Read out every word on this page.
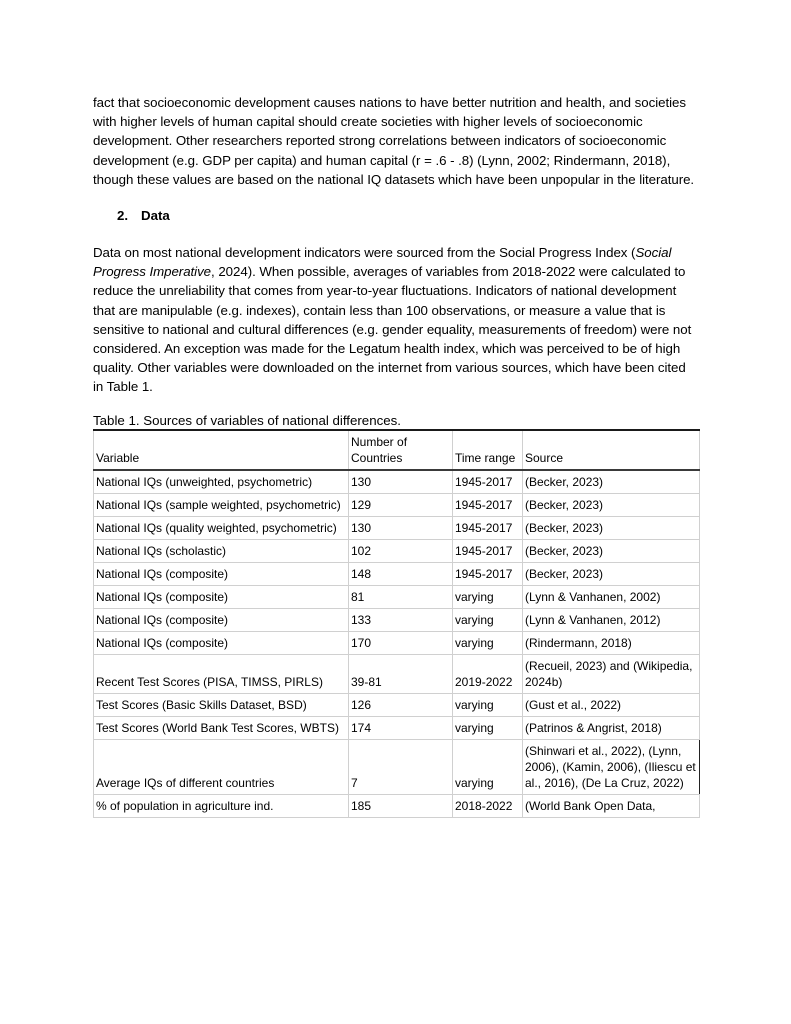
fact that socioeconomic development causes nations to have better nutrition and health, and societies with higher levels of human capital should create societies with higher levels of socioeconomic development. Other researchers reported strong correlations between indicators of socioeconomic development (e.g. GDP per capita) and human capital (r = .6 - .8) (Lynn, 2002; Rindermann, 2018), though these values are based on the national IQ datasets which have been unpopular in the literature.

2. Data

Data on most national development indicators were sourced from the Social Progress Index (Social Progress Imperative, 2024). When possible, averages of variables from 2018-2022 were calculated to reduce the unreliability that comes from year-to-year fluctuations. Indicators of national development that are manipulable (e.g. indexes), contain less than 100 observations, or measure a value that is sensitive to national and cultural differences (e.g. gender equality, measurements of freedom) were not considered. An exception was made for the Legatum health index, which was perceived to be of high quality. Other variables were downloaded on the internet from various sources, which have been cited in Table 1.

Table 1. Sources of variables of national differences.

Variable	Number of Countries	Time range	Source
National IQs (unweighted, psychometric)	130	1945-2017	(Becker, 2023)
National IQs (sample weighted, psychometric)	129	1945-2017	(Becker, 2023)
National IQs (quality weighted, psychometric)	130	1945-2017	(Becker, 2023)
National IQs (scholastic)	102	1945-2017	(Becker, 2023)
National IQs (composite)	148	1945-2017	(Becker, 2023)
National IQs (composite)	81	varying	(Lynn & Vanhanen, 2002)
National IQs (composite)	133	varying	(Lynn & Vanhanen, 2012)
National IQs (composite)	170	varying	(Rindermann, 2018)
Recent Test Scores (PISA, TIMSS, PIRLS)	39-81	2019-2022	(Recueil, 2023) and (Wikipedia, 2024b)
Test Scores (Basic Skills Dataset, BSD)	126	varying	(Gust et al., 2022)
Test Scores (World Bank Test Scores, WBTS)	174	varying	(Patrinos & Angrist, 2018)
Average IQs of different countries	7	varying	(Shinwari et al., 2022), (Lynn, 2006), (Kamin, 2006), (Iliescu et al., 2016), (De La Cruz, 2022)
% of population in agriculture ind.	185	2018-2022	(World Bank Open Data,
